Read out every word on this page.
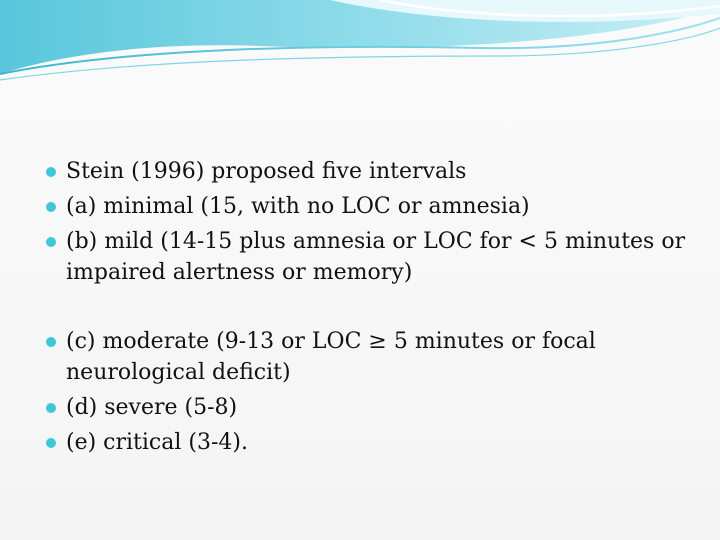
Stein (1996) proposed five intervals
(a) minimal (15, with no LOC or amnesia)
(b) mild (14-15 plus amnesia or LOC for < 5 minutes or impaired alertness or memory)
(c) moderate (9-13 or LOC ≥ 5 minutes or focal neurological deficit)
(d) severe (5-8)
(e) critical (3-4).
